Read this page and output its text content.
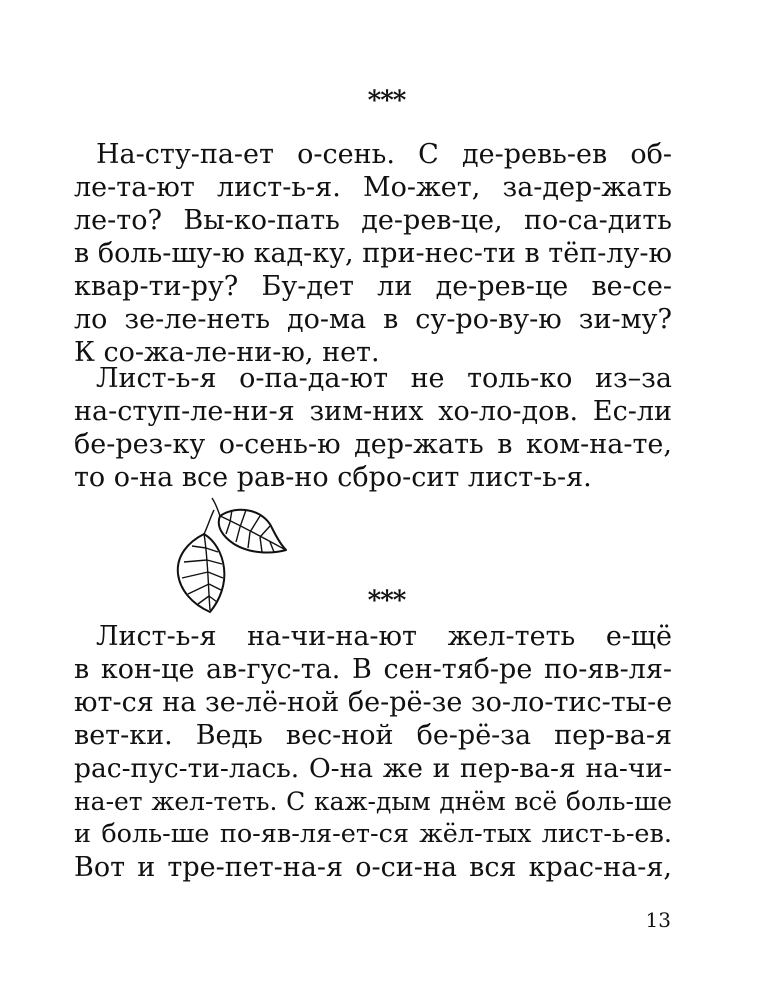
***
На-сту-па-ет о-сень. С де-ревь-ев об-
ле-та-ют лист-ь-я. Мо-жет, за-дер-жать
ле-то? Вы-ко-пать де-рев-це, по-са-дить
в боль-шу-ю кад-ку, при-нес-ти в тёп-лу-ю
квар-ти-ру? Бу-дет ли де-рев-це ве-се-
ло зе-ле-неть до-ма в су-ро-ву-ю зи-му?
К со-жа-ле-ни-ю, нет.
Лист-ь-я о-па-да-ют не толь-ко из–за
на-ступ-ле-ни-я зим-них хо-ло-дов. Ес-ли
бе-рез-ку о-сень-ю дер-жать в ком-на-те,
то о-на все рав-но сбро-сит лист-ь-я.
***
Лист-ь-я на-чи-на-ют жел-теть е-щё
в кон-це ав-гус-та. В сен-тяб-ре по-яв-ля-
ют-ся на зе-лё-ной бе-рё-зе зо-ло-тис-ты-е
вет-ки. Ведь вес-ной бе-рё-за пер-ва-я
рас-пус-ти-лась. О-на же и пер-ва-я на-чи-
на-ет жел-теть. С каж-дым днём всё боль-ше
и боль-ше по-яв-ля-ет-ся жёл-тых лист-ь-ев.
Вот и тре-пет-на-я о-си-на вся крас-на-я,
13
